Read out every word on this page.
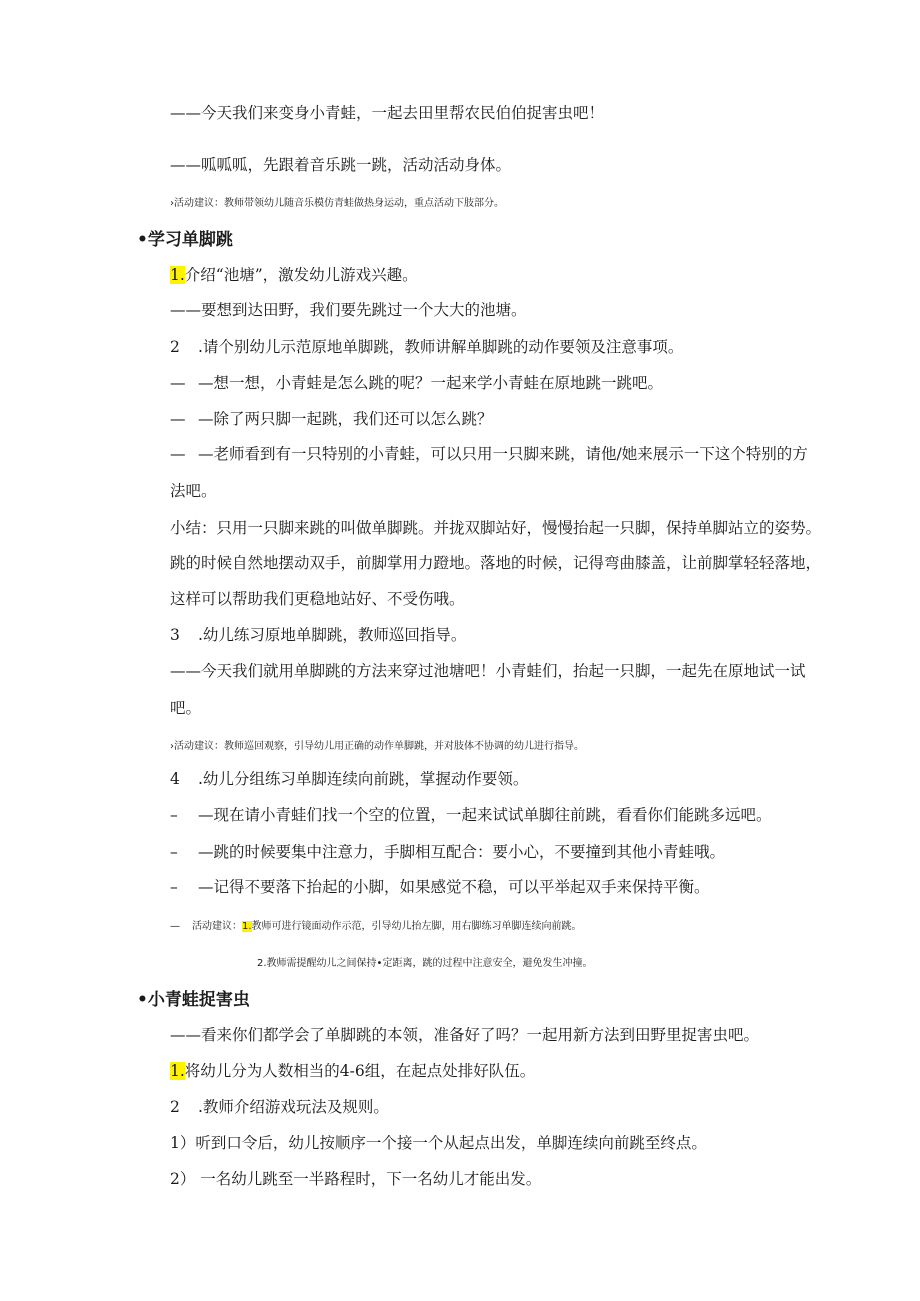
——今天我们来变身小青蛙，一起去田里帮农民伯伯捉害虫吧！
——呱呱呱，先跟着音乐跳一跳，活动活动身体。
›活动建议：教师带领幼儿随音乐模仿青蛙做热身运动，重点活动下肢部分。
•学习单脚跳
1.介绍“池塘”，激发幼儿游戏兴趣。
——要想到达田野，我们要先跳过一个大大的池塘。
2 .请个别幼儿示范原地单脚跳，教师讲解单脚跳的动作要领及注意事项。
— —想一想，小青蛙是怎么跳的呢？一起来学小青蛙在原地跳一跳吧。
— —除了两只脚一起跳，我们还可以怎么跳？
— —老师看到有一只特别的小青蛙，可以只用一只脚来跳，请他/她来展示一下这个特别的方
法吧。
小结：只用一只脚来跳的叫做单脚跳。并拢双脚站好，慢慢抬起一只脚，保持单脚站立的姿势。
跳的时候自然地摆动双手，前脚掌用力蹬地。落地的时候，记得弯曲膝盖，让前脚掌轻轻落地，
这样可以帮助我们更稳地站好、不受伤哦。
3 .幼儿练习原地单脚跳，教师巡回指导。
——今天我们就用单脚跳的方法来穿过池塘吧！小青蛙们，抬起一只脚，一起先在原地试一试
吧。
›活动建议：教师巡回观察，引导幼儿用正确的动作单脚跳，并对肢体不协调的幼儿进行指导。
4 .幼儿分组练习单脚连续向前跳，掌握动作要领。
– —现在请小青蛙们找一个空的位置，一起来试试单脚往前跳，看看你们能跳多远吧。
– —跳的时候要集中注意力，手脚相互配合：要小心，不要撞到其他小青蛙哦。
– —记得不要落下抬起的小脚，如果感觉不稳，可以平举起双手来保持平衡。
— 活动建议：1.教师可进行镜面动作示范，引导幼儿抬左脚，用右脚练习单脚连续向前跳。
2.教师需提醒幼儿之间保持•定距离，跳的过程中注意安全，避免发生冲撞。
•小青蛙捉害虫
——看来你们都学会了单脚跳的本领，准备好了吗？一起用新方法到田野里捉害虫吧。
1.将幼儿分为人数相当的4-6组，在起点处排好队伍。
2 .教师介绍游戏玩法及规则。
1）听到口令后，幼儿按顺序一个接一个从起点出发，单脚连续向前跳至终点。
2） 一名幼儿跳至一半路程时，下一名幼儿才能出发。
